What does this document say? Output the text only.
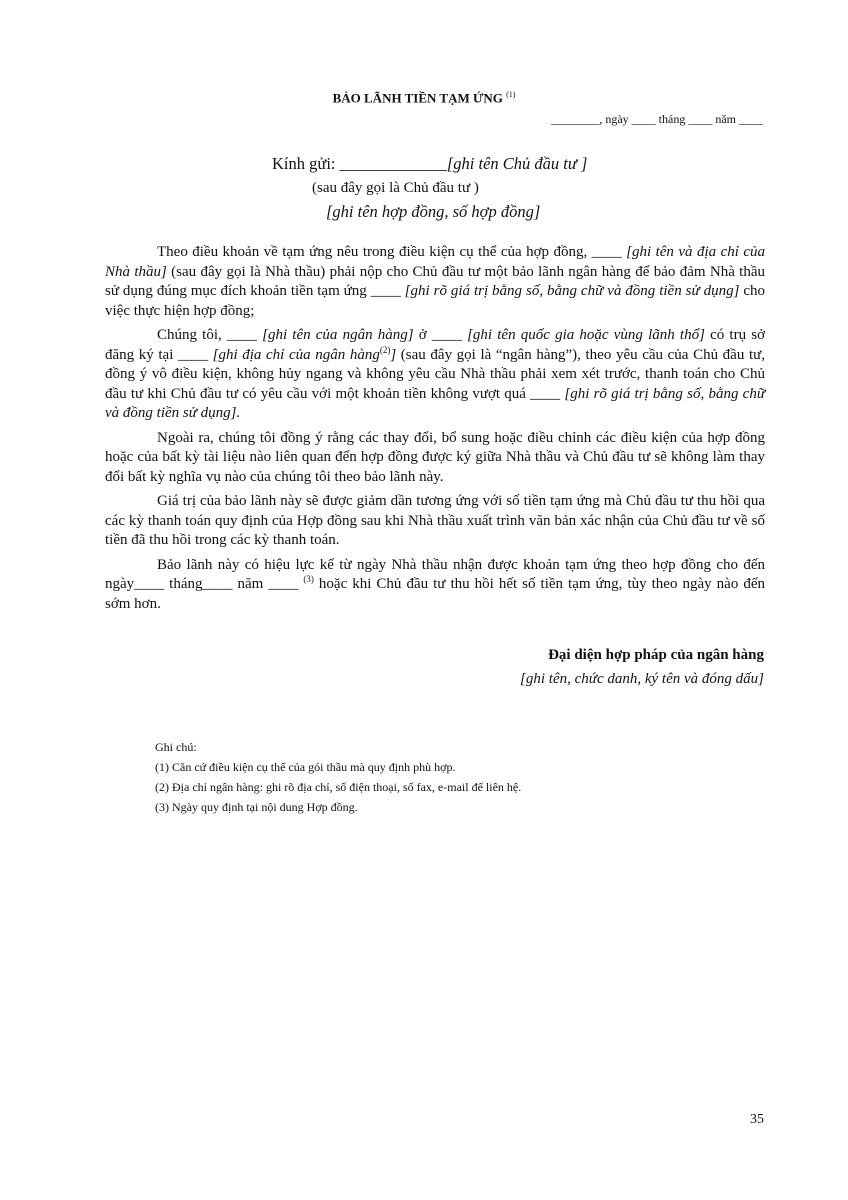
BẢO LÃNH TIỀN TẠM ỨNG $^{(1)}$
________, ngày ____ tháng ____ năm ____
Kính gửi: _____________[ghi tên Chủ đầu tư ]
(sau đây gọi là Chủ đầu tư )
[ghi tên hợp đồng, số hợp đồng]

Theo điều khoản về tạm ứng nêu trong điều kiện cụ thể của hợp đồng, ____ [ghi tên và địa chỉ của Nhà thầu] (sau đây gọi là Nhà thầu) phải nộp cho Chủ đầu tư một bảo lãnh ngân hàng để bảo đảm Nhà thầu sử dụng đúng mục đích khoản tiền tạm ứng ____ [ghi rõ giá trị bằng số, bằng chữ và đồng tiền sử dụng] cho việc thực hiện hợp đồng;

Chúng tôi, ____ [ghi tên của ngân hàng] ở ____ [ghi tên quốc gia hoặc vùng lãnh thổ] có trụ sở đăng ký tại ____ [ghi địa chỉ của ngân hàng$^{(2)}$] (sau đây gọi là “ngân hàng”), theo yêu cầu của Chủ đầu tư, đồng ý vô điều kiện, không hủy ngang và không yêu cầu Nhà thầu phải xem xét trước, thanh toán cho Chủ đầu tư khi Chủ đầu tư có yêu cầu với một khoản tiền không vượt quá ____ [ghi rõ giá trị bằng số, bằng chữ và đồng tiền sử dụng].

Ngoài ra, chúng tôi đồng ý rằng các thay đổi, bổ sung hoặc điều chỉnh các điều kiện của hợp đồng hoặc của bất kỳ tài liệu nào liên quan đến hợp đồng được ký giữa Nhà thầu và Chủ đầu tư sẽ không làm thay đổi bất kỳ nghĩa vụ nào của chúng tôi theo bảo lãnh này.

Giá trị của bảo lãnh này sẽ được giảm dần tương ứng với số tiền tạm ứng mà Chủ đầu tư thu hồi qua các kỳ thanh toán quy định của Hợp đồng sau khi Nhà thầu xuất trình văn bản xác nhận của Chủ đầu tư về số tiền đã thu hồi trong các kỳ thanh toán.

Bảo lãnh này có hiệu lực kể từ ngày Nhà thầu nhận được khoản tạm ứng theo hợp đồng cho đến ngày____ tháng____ năm ____ $^{(3)}$ hoặc khi Chủ đầu tư thu hồi hết số tiền tạm ứng, tùy theo ngày nào đến sớm hơn.

Đại diện hợp pháp của ngân hàng
[ghi tên, chức danh, ký tên và đóng dấu]
Ghi chú:
(1) Căn cứ điều kiện cụ thể của gói thầu mà quy định phù hợp.
(2) Địa chỉ ngân hàng: ghi rõ địa chỉ, số điện thoại, số fax, e-mail để liên hệ.
(3) Ngày quy định tại nội dung Hợp đồng.
35
